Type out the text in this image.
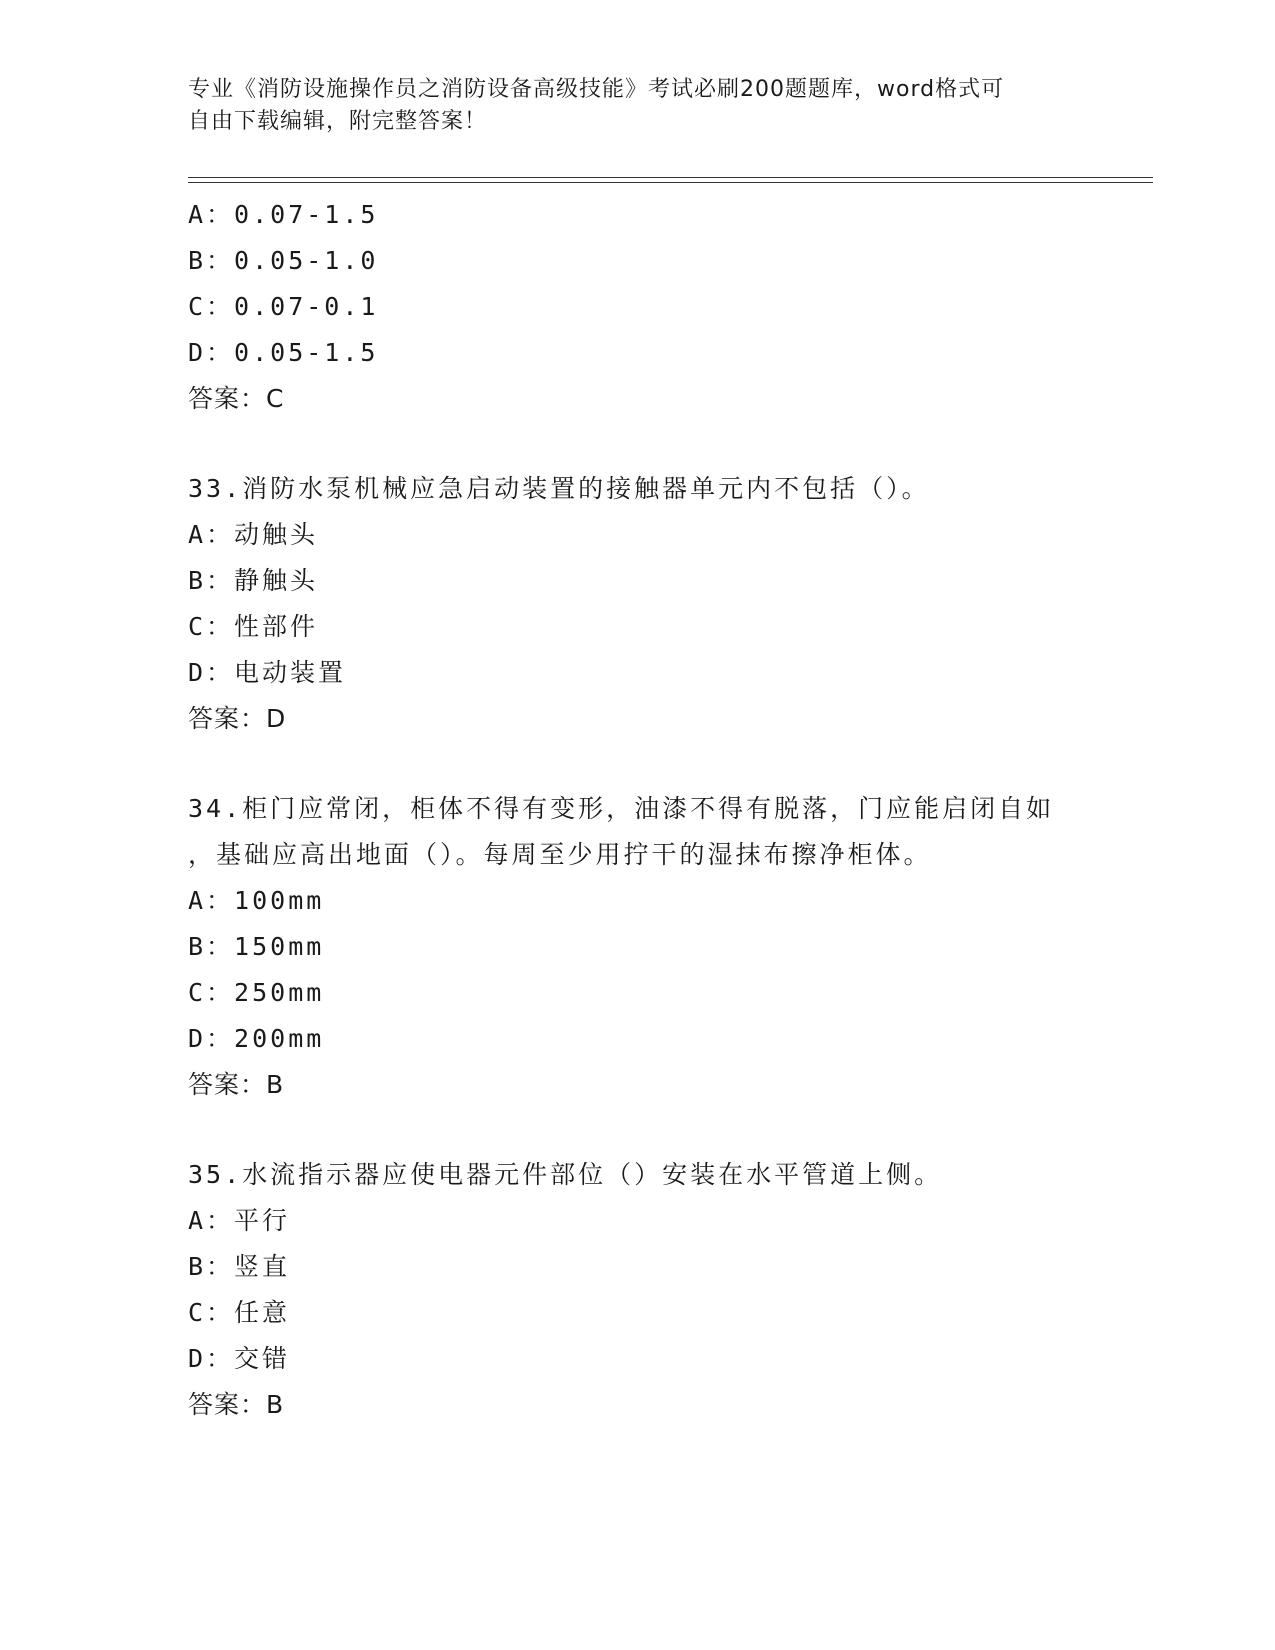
专业《消防设施操作员之消防设备高级技能》考试必刷200题题库，word格式可
自由下载编辑，附完整答案！
A：0.07-1.5
B：0.05-1.0
C：0.07-0.1
D：0.05-1.5
答案：C
33.消防水泵机械应急启动装置的接触器单元内不包括（）。
A：动触头
B：静触头
C：性部件
D：电动装置
答案：D
34.柜门应常闭，柜体不得有变形，油漆不得有脱落，门应能启闭自如
，基础应高出地面（）。每周至少用拧干的湿抹布擦净柜体。
A：100mm
B：150mm
C：250mm
D：200mm
答案：B
35.水流指示器应使电器元件部位（）安装在水平管道上侧。
A：平行
B：竖直
C：任意
D：交错
答案：B
